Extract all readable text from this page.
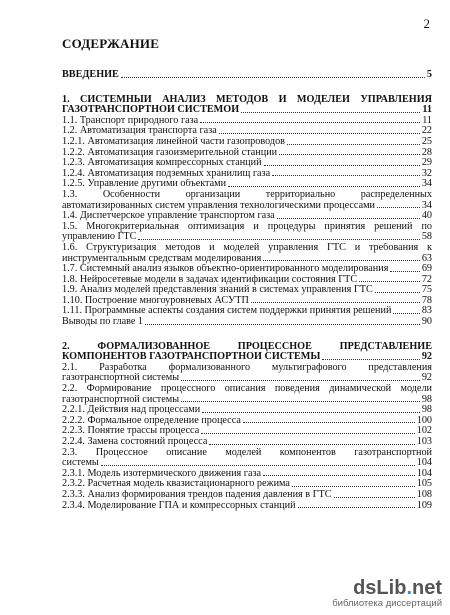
2
СОДЕРЖАНИЕ
ВВЕДЕНИЕ	5
1. СИСТЕМНЫЙ АНАЛИЗ МЕТОДОВ И МОДЕЛЕЙ УПРАВЛЕНИЯ
ГАЗОТРАНСПОРТНОЙ СИСТЕМОЙ	11
1.1. Транспорт природного газа	11
1.2. Автоматизация транспорта газа	22
1.2.1. Автоматизация линейной части газопроводов	25
1.2.2. Автоматизация газоизмерительной станции	28
1.2.3. Автоматизация компрессорных станций	29
1.2.4. Автоматизация подземных хранилищ газа	32
1.2.5. Управление другими объектами	34
1.3. Особенности организации территориально распределенных
автоматизированных систем управления технологическими процессами	34
1.4. Диспетчерское управление транспортом газа	40
1.5. Многокритериальная оптимизация и процедуры принятия решений по
управлению ГТС	58
1.6. Структуризация методов и моделей управления ГТС и требования к
инструментальным средствам моделирования	63
1.7. Системный анализ языков объектно-ориентированного моделирования	69
1.8. Нейросетевые модели в задачах идентификации состояния ГТС	72
1.9. Анализ моделей представления знаний в системах управления ГТС	75
1.10. Построение многоуровневых АСУТП	78
1.11. Программные аспекты создания систем поддержки принятия решений	83
Выводы по главе 1	90
2. ФОРМАЛИЗОВАННОЕ ПРОЦЕССНОЕ ПРЕДСТАВЛЕНИЕ
КОМПОНЕНТОВ ГАЗОТРАНСПОРТНОЙ СИСТЕМЫ	92
2.1. Разработка формализованного мультиграфового представления
газотранспортной системы	92
2.2. Формирование процессного описания поведения динамической модели
газотранспортной системы	98
2.2.1. Действия над процессами	98
2.2.2. Формальное определение процесса	100
2.2.3. Понятие трассы процесса	102
2.2.4. Замена состояний процесса	103
2.3. Процессное описание моделей компонентов газотранспортной
системы	104
2.3.1. Модель изотермического движения газа	104
2.3.2. Расчетная модель квазистационарного режима	105
2.3.3. Анализ формирования трендов падения давления в ГТС	108
2.3.4. Моделирование ГПА и компрессорных станций	109
dsLib.net
библиотека диссертаций
